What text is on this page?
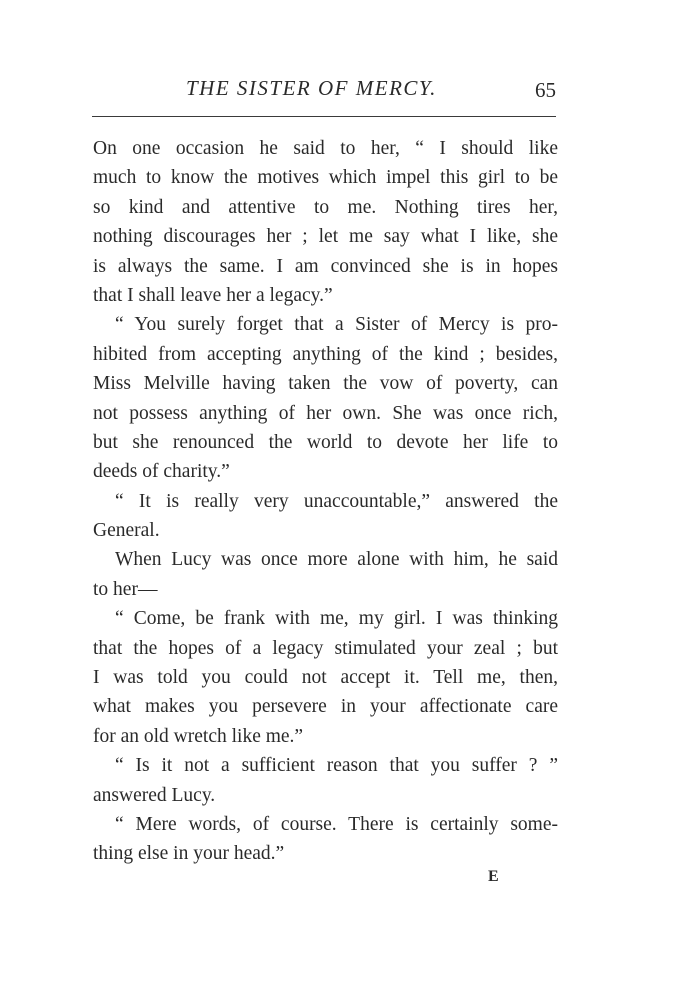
THE SISTER OF MERCY.	65
On one occasion he said to her, “ I should like
much to know the motives which impel this girl to be
so kind and attentive to me. Nothing tires her,
nothing discourages her ; let me say what I like, she
is always the same. I am convinced she is in hopes
that I shall leave her a legacy.”
“ You surely forget that a Sister of Mercy is pro-
hibited from accepting anything of the kind ; besides,
Miss Melville having taken the vow of poverty, can
not possess anything of her own. She was once rich,
but she renounced the world to devote her life to
deeds of charity.”
“ It is really very unaccountable,” answered the
General.
When Lucy was once more alone with him, he said
to her—
“ Come, be frank with me, my girl. I was thinking
that the hopes of a legacy stimulated your zeal ; but
I was told you could not accept it. Tell me, then,
what makes you persevere in your affectionate care
for an old wretch like me.”
“ Is it not a sufficient reason that you suffer ? ”
answered Lucy.
“ Mere words, of course. There is certainly some-
thing else in your head.”
E
